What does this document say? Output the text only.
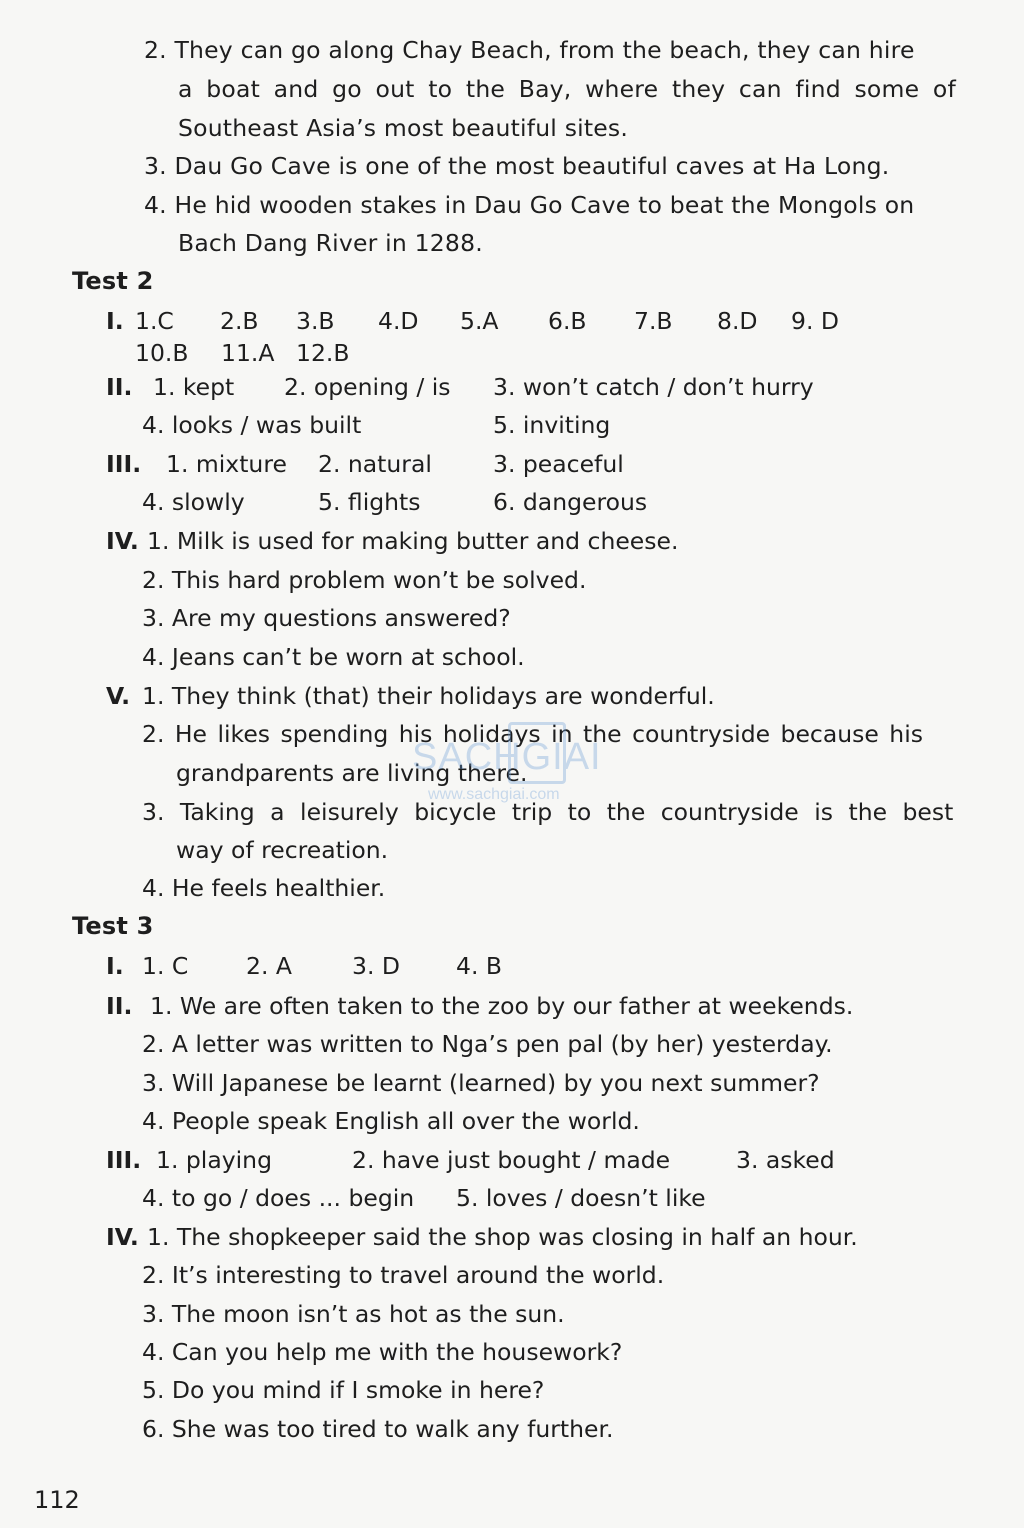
2. They can go along Chay Beach, from the beach, they can hire
a boat and go out to the Bay, where they can find some of
Southeast Asia’s most beautiful sites.
3. Dau Go Cave is one of the most beautiful caves at Ha Long.
4. He hid wooden stakes in Dau Go Cave to beat the Mongols on
Bach Dang River in 1288.
Test 2
I. 1.C 2.B 3.B 4.D 5.A 6.B 7.B 8.D 9. D
10.B 11.A 12.B
II. 1. kept 2. opening / is 3. won’t catch / don’t hurry
4. looks / was built	5. inviting
III. 1. mixture 2. natural	3. peaceful
4. slowly	5. flights	6. dangerous
IV. 1. Milk is used for making butter and cheese.
2. This hard problem won’t be solved.
3. Are my questions answered?
4. Jeans can’t be worn at school.
V. 1. They think (that) their holidays are wonderful.
2. He likes spending his holidays in the countryside because his
grandparents are living there.
3. Taking a leisurely bicycle trip to the countryside is the best
way of recreation.
4. He feels healthier.
Test 3
I. 1. C 2. A	3. D 4. B
II. 1. We are often taken to the zoo by our father at weekends.
2. A letter was written to Nga’s pen pal (by her) yesterday.
3. Will Japanese be learnt (learned) by you next summer?
4. People speak English all over the world.
III. 1. playing	2. have just bought / made	3. asked
4. to go / does ... begin 5. loves / doesn’t like
IV. 1. The shopkeeper said the shop was closing in half an hour.
2. It’s interesting to travel around the world.
3. The moon isn’t as hot as the sun.
4. Can you help me with the housework?
5. Do you mind if I smoke in here?
6. She was too tired to walk any further.
SACHGIAI
www.sachgiai.com
112
